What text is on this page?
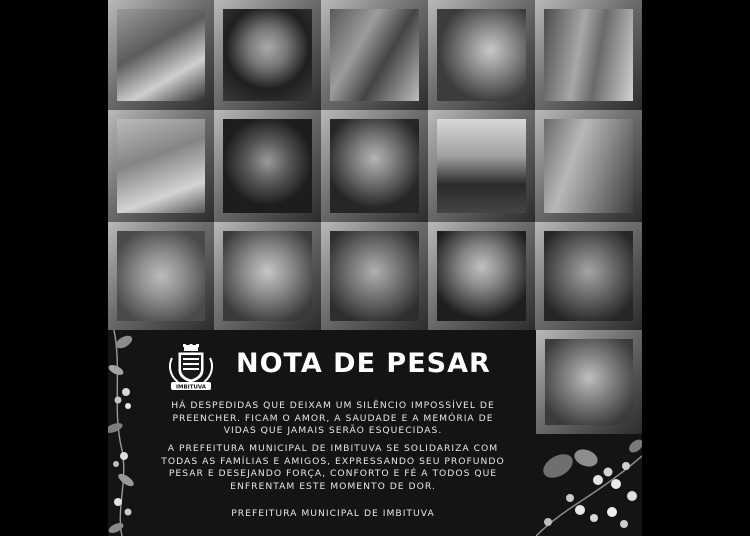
IMBITUVA
NOTA DE PESAR

HÁ DESPEDIDAS QUE DEIXAM UM SILÊNCIO IMPOSSÍVEL DE PREENCHER. FICAM O AMOR, A SAUDADE E A MEMÓRIA DE VIDAS QUE JAMAIS SERÃO ESQUECIDAS.

A PREFEITURA MUNICIPAL DE IMBITUVA SE SOLIDARIZA COM TODAS AS FAMÍLIAS E AMIGOS, EXPRESSANDO SEU PROFUNDO PESAR E DESEJANDO FORÇA, CONFORTO E FÉ A TODOS QUE ENFRENTAM ESTE MOMENTO DE DOR.

PREFEITURA MUNICIPAL DE IMBITUVA
